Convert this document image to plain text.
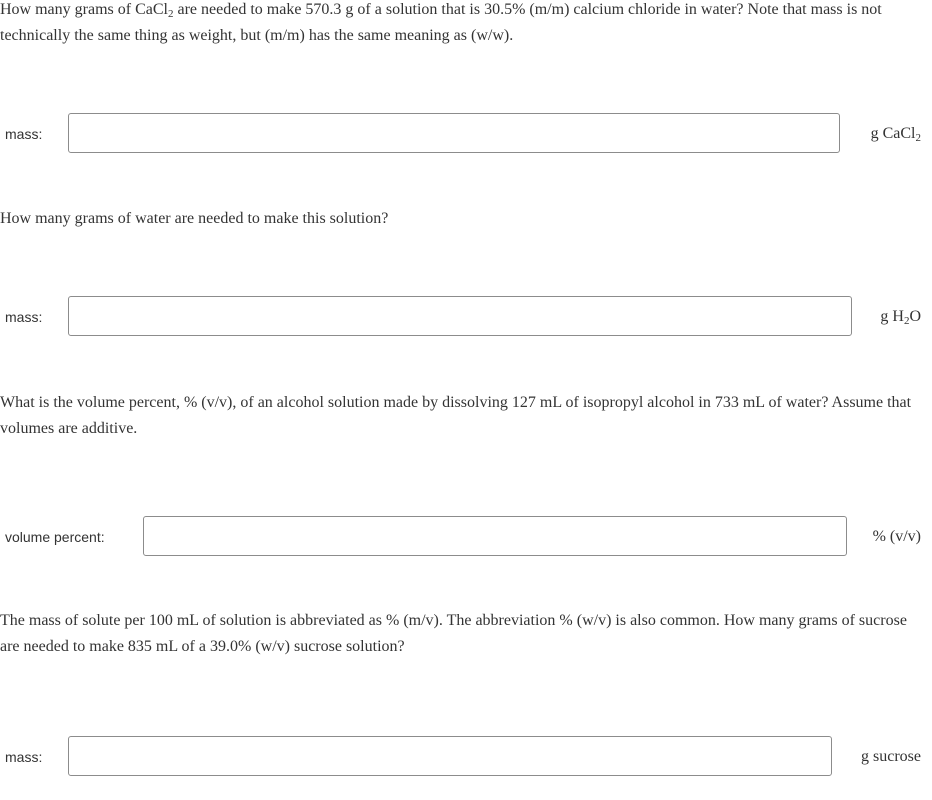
How many grams of CaCl$_2$ are needed to make 570.3 g of a solution that is 30.5% (m/m) calcium chloride in water? Note that mass is not technically the same thing as weight, but (m/m) has the same meaning as (w/w).
mass:	g CaCl$_2$
How many grams of water are needed to make this solution?
mass:	g $H_2O$
What is the volume percent, % (v/v), of an alcohol solution made by dissolving 127 mL of isopropyl alcohol in 733 mL of water? Assume that volumes are additive.
volume percent:	% (v/v)
The mass of solute per 100 mL of solution is abbreviated as % (m/v). The abbreviation % (w/v) is also common. How many grams of sucrose are needed to make 835 mL of a 39.0% (w/v) sucrose solution?
mass:	g sucrose
